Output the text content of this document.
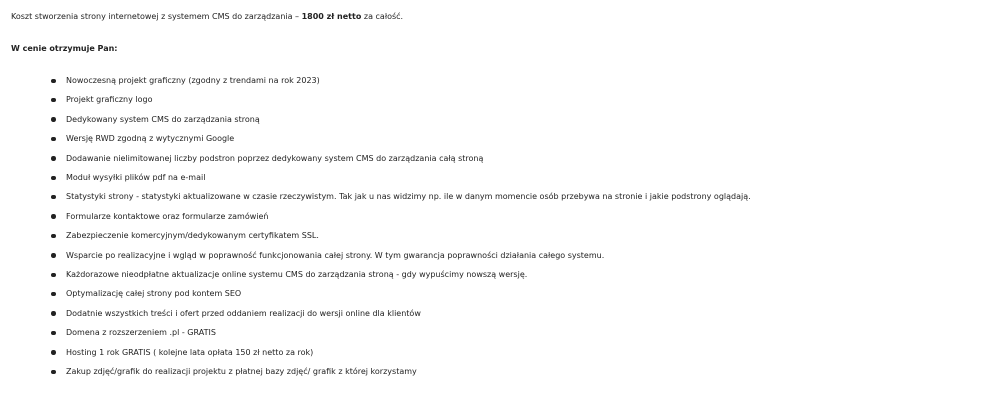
Koszt stworzenia strony internetowej z systemem CMS do zarządzania – 1800 zł netto za całość.

W cenie otrzymuje Pan:

Nowoczesną projekt graficzny (zgodny z trendami na rok 2023)
Projekt graficzny logo
Dedykowany system CMS do zarządzania stroną
Wersję RWD zgodną z wytycznymi Google
Dodawanie nielimitowanej liczby podstron poprzez dedykowany system CMS do zarządzania całą stroną
Moduł wysyłki plików pdf na e-mail
Statystyki strony - statystyki aktualizowane w czasie rzeczywistym. Tak jak u nas widzimy np. ile w danym momencie osób przebywa na stronie i jakie podstrony oglądają.
Formularze kontaktowe oraz formularze zamówień
Zabezpieczenie komercyjnym/dedykowanym certyfikatem SSL.
Wsparcie po realizacyjne i wgląd w poprawność funkcjonowania całej strony. W tym gwarancja poprawności działania całego systemu.
Każdorazowe nieodpłatne aktualizacje online systemu CMS do zarządzania stroną - gdy wypuścimy nowszą wersję.
Optymalizację całej strony pod kontem SEO
Dodatnie wszystkich treści i ofert przed oddaniem realizacji do wersji online dla klientów
Domena z rozszerzeniem .pl - GRATIS
Hosting 1 rok GRATIS ( kolejne lata opłata 150 zł netto za rok)
Zakup zdjęć/grafik do realizacji projektu z płatnej bazy zdjęć/ grafik z której korzystamy
